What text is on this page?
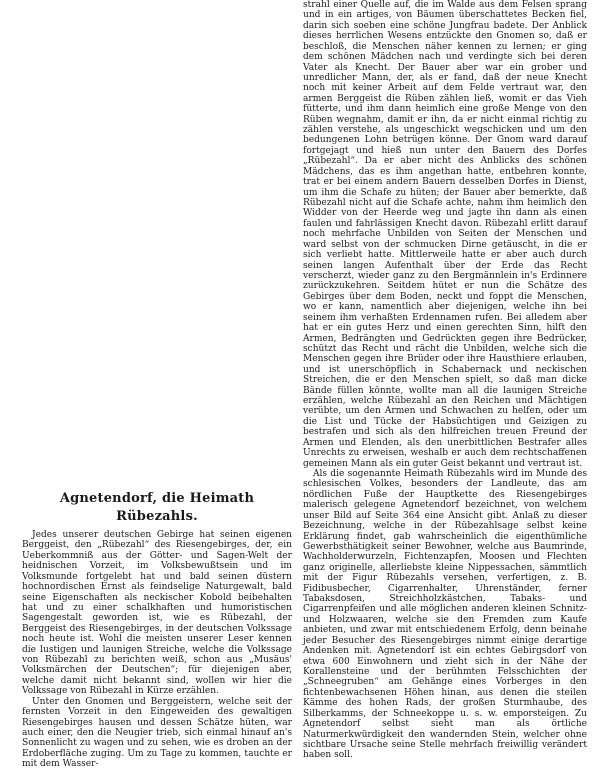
strahl einer Quelle auf, die im Walde aus dem Felsen sprang und in ein artiges, von Bäumen überschattetes Becken fiel, darin sich soeben eine schöne Jungfrau badete. Der Anblick dieses herrlichen Wesens entzückte den Gnomen so, daß er beschloß, die Menschen näher kennen zu lernen; er ging dem schönen Mädchen nach und verdingte sich bei deren Vater als Knecht. Der Bauer aber war ein grober und unredlicher Mann, der, als er fand, daß der neue Knecht noch mit keiner Arbeit auf dem Felde vertraut war, den armen Berggeist die Rüben zählen ließ, womit er das Vieh fütterte, und ihm dann heimlich eine große Menge von den Rüben wegnahm, damit er ihn, da er nicht einmal richtig zu zählen verstehe, als ungeschickt wegschicken und um den bedungenen Lohn betrügen könne. Der Gnom ward darauf fortgejagt und hieß nun unter den Bauern des Dorfes „Rübezahl“. Da er aber nicht des Anblicks des schönen Mädchens, das es ihm angethan hatte, entbehren konnte, trat er bei einem andern Bauern desselben Dorfes in Dienst, um ihm die Schafe zu hüten; der Bauer aber bemerkte, daß Rübezahl nicht auf die Schafe achte, nahm ihm heimlich den Widder von der Heerde weg und jagte ihn dann als einen faulen und fahrlässigen Knecht davon. Rübezahl erlitt darauf noch mehrfache Unbilden von Seiten der Menschen und ward selbst von der schmucken Dirne getäuscht, in die er sich verliebt hatte. Mittlerweile hatte er aber auch durch seinen langen Aufenthalt über der Erde das Recht verscherzt, wieder ganz zu den Bergmännlein in's Erdinnere zurückzukehren. Seitdem hütet er nun die Schätze des Gebirges über dem Boden, neckt und foppt die Menschen, wo er kann, namentlich aber diejenigen, welche ihn bei seinem ihm verhaßten Erdennamen rufen. Bei alledem aber hat er ein gutes Herz und einen gerechten Sinn, hilft den Armen, Bedrängten und Gedrückten gegen ihre Bedrücker, schützt das Recht und rächt die Unbilden, welche sich die Menschen gegen ihre Brüder oder ihre Hausthiere erlauben, und ist unerschöpflich in Schabernack und neckischen Streichen, die er den Menschen spielt, so daß man dicke Bände füllen könnte, wollte man all die launigen Streiche erzählen, welche Rübezahl an den Reichen und Mächtigen verübte, um den Armen und Schwachen zu helfen, oder um die List und Tücke der Habsüchtigen und Geizigen zu bestrafen und sich als den hilfreichen treuen Freund der Armen und Elenden, als den unerbittlichen Bestrafer alles Unrechts zu erweisen, weshalb er auch dem rechtschaffenen gemeinen Mann als ein guter Geist bekannt und vertraut ist.

Als die sogenannte Heimath Rübezahls wird im Munde des schlesischen Volkes, besonders der Landleute, das am nördlichen Fuße der Hauptkette des Riesengebirges malerisch gelegene Agnetendorf bezeichnet, von welchem unser Bild auf Seite 364 eine Ansicht gibt. Anlaß zu dieser Bezeichnung, welche in der Rübezahlsage selbst keine Erklärung findet, gab wahrscheinlich die eigenthümliche Gewerbsthätigkeit seiner Bewohner, welche aus Baumrinde, Wachholderwurzeln, Fichtenzapfen, Moosen und Flechten ganz originelle, allerliebste kleine Nippessachen, sämmtlich mit der Figur Rübezahls versehen, verfertigen, z. B. Fidibusbecher, Cigarrenhalter, Uhrenständer, ferner Tabaksdosen, Streichholzkästchen, Tabaks- und Cigarrenpfeifen und alle möglichen anderen kleinen Schnitz- und Holzwaaren, welche sie den Fremden zum Kaufe anbieten, und zwar mit entschiedenem Erfolg, denn beinahe jeder Besucher des Riesengebirges nimmt einige derartige Andenken mit. Agnetendorf ist ein echtes Gebirgsdorf von etwa 600 Einwohnern und zieht sich in der Nähe der Korallensteine und der berühmten Felsschichten der „Schneegruben“ am Gehänge eines Vorberges in den fichtenbewachsenen Höhen hinan, aus denen die steilen Kämme des hohen Rads, der großen Sturmhaube, des Silberkamms, der Schneekoppe u. s. w. emporsteigen. Zu Agnetendorf selbst sieht man als örtliche Naturmerkwürdigkeit den wandernden Stein, welcher ohne sichtbare Ursache seine Stelle mehrfach freiwillig verändert haben soll.

Agnetendorf, die Heimath Rübezahls.

Jedes unserer deutschen Gebirge hat seinen eigenen Berggeist, den „Rübezahl“ des Riesengebirges, der, ein Ueberkommniß aus der Götter- und Sagen-Welt der heidnischen Vorzeit, im Volksbewußtsein und im Volksmunde fortgelebt hat und bald seinen düstern hochnordischen Ernst als feindselige Naturgewalt, bald seine Eigenschaften als neckischer Kobold beibehalten hat und zu einer schalkhaften und humoristischen Sagengestalt geworden ist, wie es Rübezahl, der Berggeist des Riesengebirges, in der deutschen Volkssage noch heute ist. Wohl die meisten unserer Leser kennen die lustigen und launigen Streiche, welche die Volkssage von Rübezahl zu berichten weiß, schon aus „Musäus' Volksmärchen der Deutschen“; für diejenigen aber, welche damit nicht bekannt sind, wollen wir hier die Volkssage von Rübezahl in Kürze erzählen.

Unter den Gnomen und Berggeistern, welche seit der fernsten Vorzeit in den Eingeweiden des gewaltigen Riesengebirges hausen und dessen Schätze hüten, war auch einer, den die Neugier trieb, sich einmal hinauf an's Sonnenlicht zu wagen und zu sehen, wie es droben an der Erdoberfläche zuging. Um zu Tage zu kommen, tauchte er mit dem Wasser-
